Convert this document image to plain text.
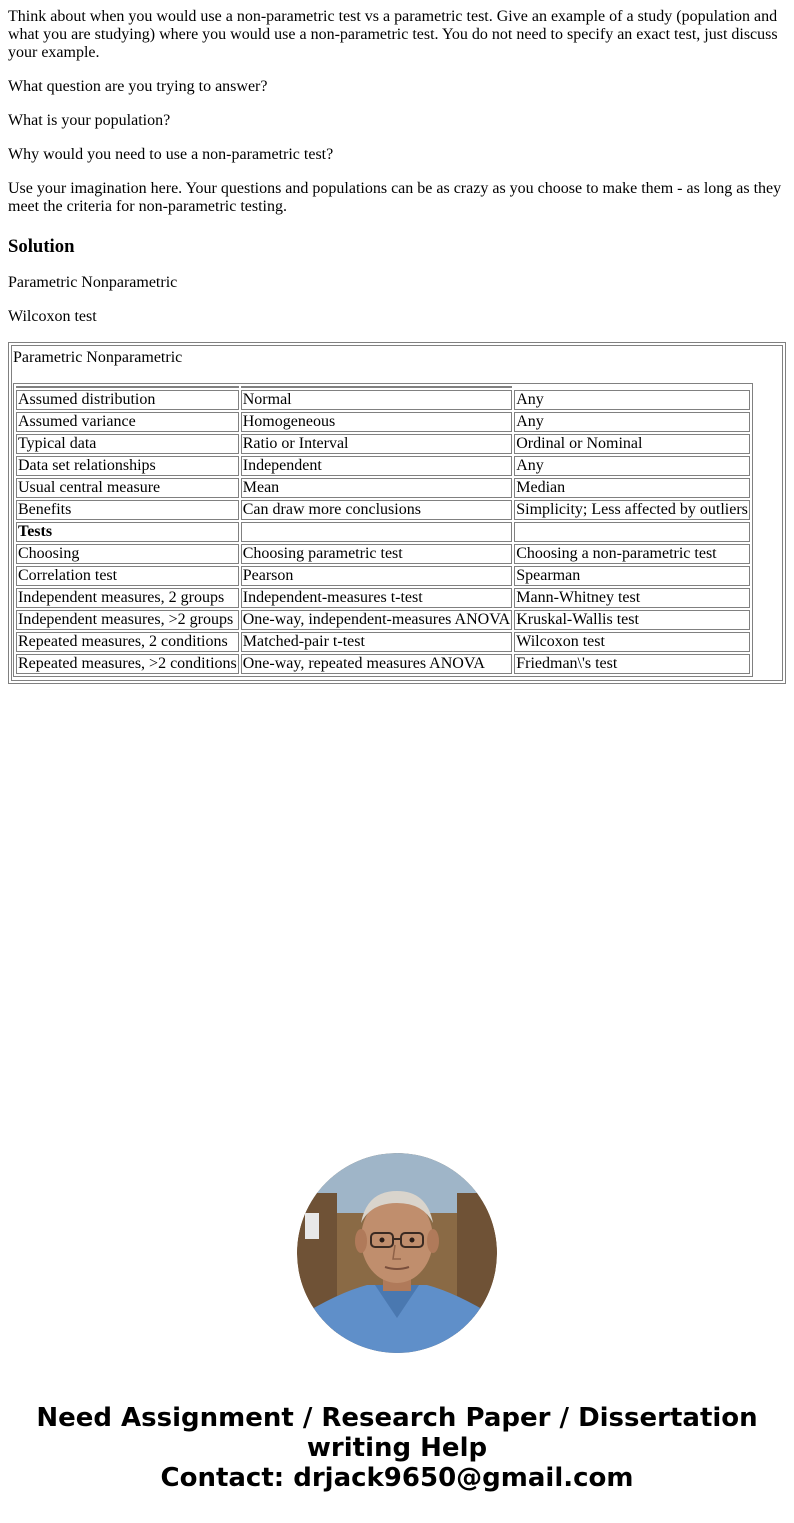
Think about when you would use a non-parametric test vs a parametric test. Give an example of a study (population and what you are studying) where you would use a non-parametric test. You do not need to specify an exact test, just discuss your example.

What question are you trying to answer?

What is your population?

Why would you need to use a non-parametric test?

Use your imagination here. Your questions and populations can be as crazy as you choose to make them - as long as they meet the criteria for non-parametric testing.

Solution

Parametric Nonparametric

Wilcoxon test

Parametric Nonparametric

Assumed distribution	Normal	Any
Assumed variance	Homogeneous	Any
Typical data	Ratio or Interval	Ordinal or Nominal
Data set relationships	Independent	Any
Usual central measure	Mean	Median
Benefits	Can draw more conclusions	Simplicity; Less affected by outliers
Tests		
Choosing	Choosing parametric test	Choosing a non-parametric test
Correlation test	Pearson	Spearman
Independent measures, 2 groups	Independent-measures t-test	Mann-Whitney test
Independent measures, >2 groups	One-way, independent-measures ANOVA	Kruskal-Wallis test
Repeated measures, 2 conditions	Matched-pair t-test	Wilcoxon test
Repeated measures, >2 conditions	One-way, repeated measures ANOVA	Friedman\'s test
Need Assignment / Research Paper / Dissertation
writing Help
Contact: drjack9650@gmail.com
